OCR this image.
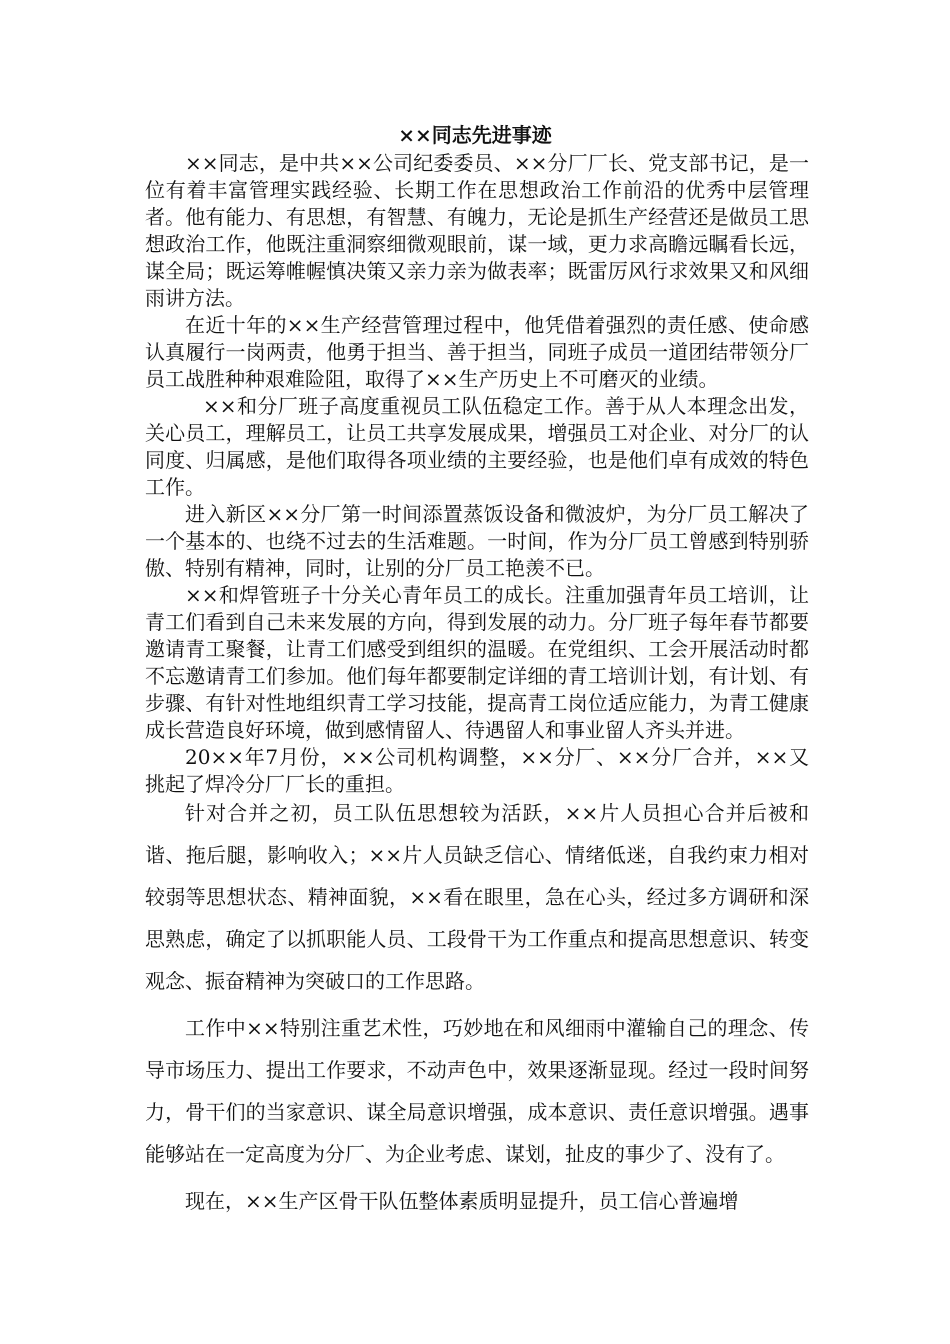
××同志先进事迹

××同志，是中共××公司纪委委员、××分厂厂长、党支部书记，是一位有着丰富管理实践经验、长期工作在思想政治工作前沿的优秀中层管理者。他有能力、有思想，有智慧、有魄力，无论是抓生产经营还是做员工思想政治工作，他既注重洞察细微观眼前，谋一域，更力求高瞻远瞩看长远，谋全局；既运筹帷幄慎决策又亲力亲为做表率；既雷厉风行求效果又和风细雨讲方法。

在近十年的××生产经营管理过程中，他凭借着强烈的责任感、使命感认真履行一岗两责，他勇于担当、善于担当，同班子成员一道团结带领分厂员工战胜种种艰难险阻，取得了××生产历史上不可磨灭的业绩。

××和分厂班子高度重视员工队伍稳定工作。善于从人本理念出发，关心员工，理解员工，让员工共享发展成果，增强员工对企业、对分厂的认同度、归属感，是他们取得各项业绩的主要经验，也是他们卓有成效的特色工作。

进入新区××分厂第一时间添置蒸饭设备和微波炉，为分厂员工解决了一个基本的、也绕不过去的生活难题。一时间，作为分厂员工曾感到特别骄傲、特别有精神，同时，让别的分厂员工艳羡不已。

××和焊管班子十分关心青年员工的成长。注重加强青年员工培训，让青工们看到自己未来发展的方向，得到发展的动力。分厂班子每年春节都要邀请青工聚餐，让青工们感受到组织的温暖。在党组织、工会开展活动时都不忘邀请青工们参加。他们每年都要制定详细的青工培训计划，有计划、有步骤、有针对性地组织青工学习技能，提高青工岗位适应能力，为青工健康成长营造良好环境，做到感情留人、待遇留人和事业留人齐头并进。

20××年7月份，××公司机构调整，××分厂、××分厂合并，××又挑起了焊冷分厂厂长的重担。

针对合并之初，员工队伍思想较为活跃，××片人员担心合并后被和谐、拖后腿，影响收入；××片人员缺乏信心、情绪低迷，自我约束力相对较弱等思想状态、精神面貌，××看在眼里，急在心头，经过多方调研和深思熟虑，确定了以抓职能人员、工段骨干为工作重点和提高思想意识、转变观念、振奋精神为突破口的工作思路。

工作中××特别注重艺术性，巧妙地在和风细雨中灌输自己的理念、传导市场压力、提出工作要求，不动声色中，效果逐渐显现。经过一段时间努力，骨干们的当家意识、谋全局意识增强，成本意识、责任意识增强。遇事能够站在一定高度为分厂、为企业考虑、谋划，扯皮的事少了、没有了。

现在，××生产区骨干队伍整体素质明显提升，员工信心普遍增
